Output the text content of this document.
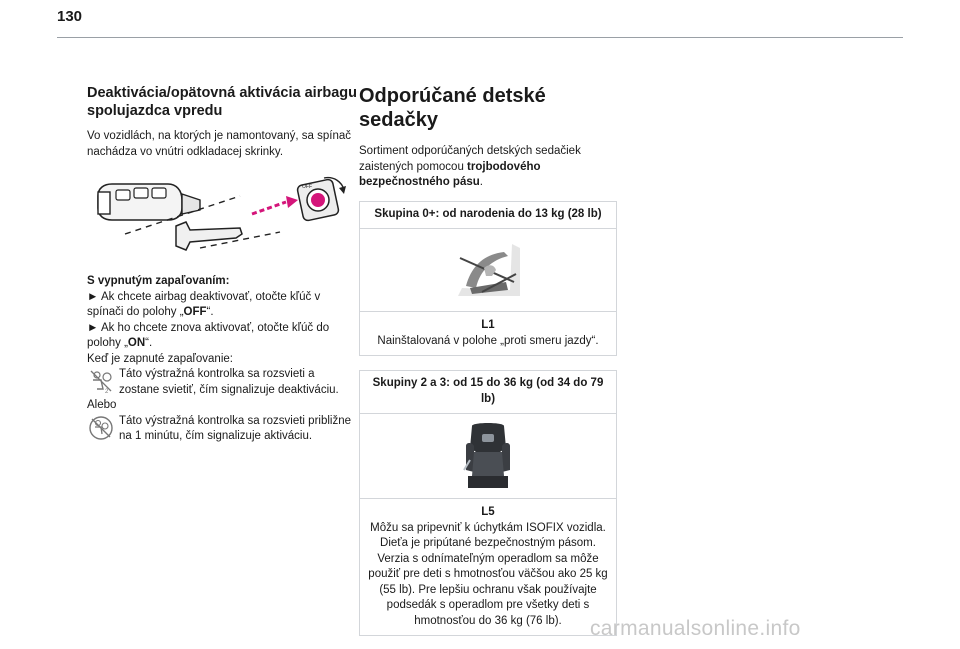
130
Deaktivácia/opätovná aktivácia airbagu spolujazdca vpredu

Vo vozidlách, na ktorých je namontovaný, sa spínač nachádza vo vnútri odkladacej skrinky.

OFF

S vypnutým zapaľovaním:

► Ak chcete airbag deaktivovať, otočte kľúč v spínači do polohy „OFF“.

► Ak ho chcete znova aktivovať, otočte kľúč do polohy „ON“.

Keď je zapnuté zapaľovanie:

2
Táto výstražná kontrolka sa rozsvieti a zostane svietiť, čím signalizuje deaktiváciu.

Alebo

Táto výstražná kontrolka sa rozsvieti približne na 1 minútu, čím signalizuje aktiváciu.
Odporúčané detské sedačky

Sortiment odporúčaných detských sedačiek zaistených pomocou trojbodového bezpečnostného pásu.

Skupina 0+: od narodenia do 13 kg (28 lb)
L1
Nainštalovaná v polohe „proti smeru jazdy“.
Skupiny 2 a 3: od 15 do 36 kg (od 34 do 79 lb)
L5
Môžu sa pripevniť k úchytkám ISOFIX vozidla.
Dieťa je pripútané bezpečnostným pásom.
Verzia s odnímateľným operadlom sa môže použiť pre deti s hmotnosťou väčšou ako 25 kg (55 lb). Pre lepšiu ochranu však používajte podsedák s operadlom pre všetky deti s hmotnosťou do 36 kg (76 lb).	carmanualsonline.info
